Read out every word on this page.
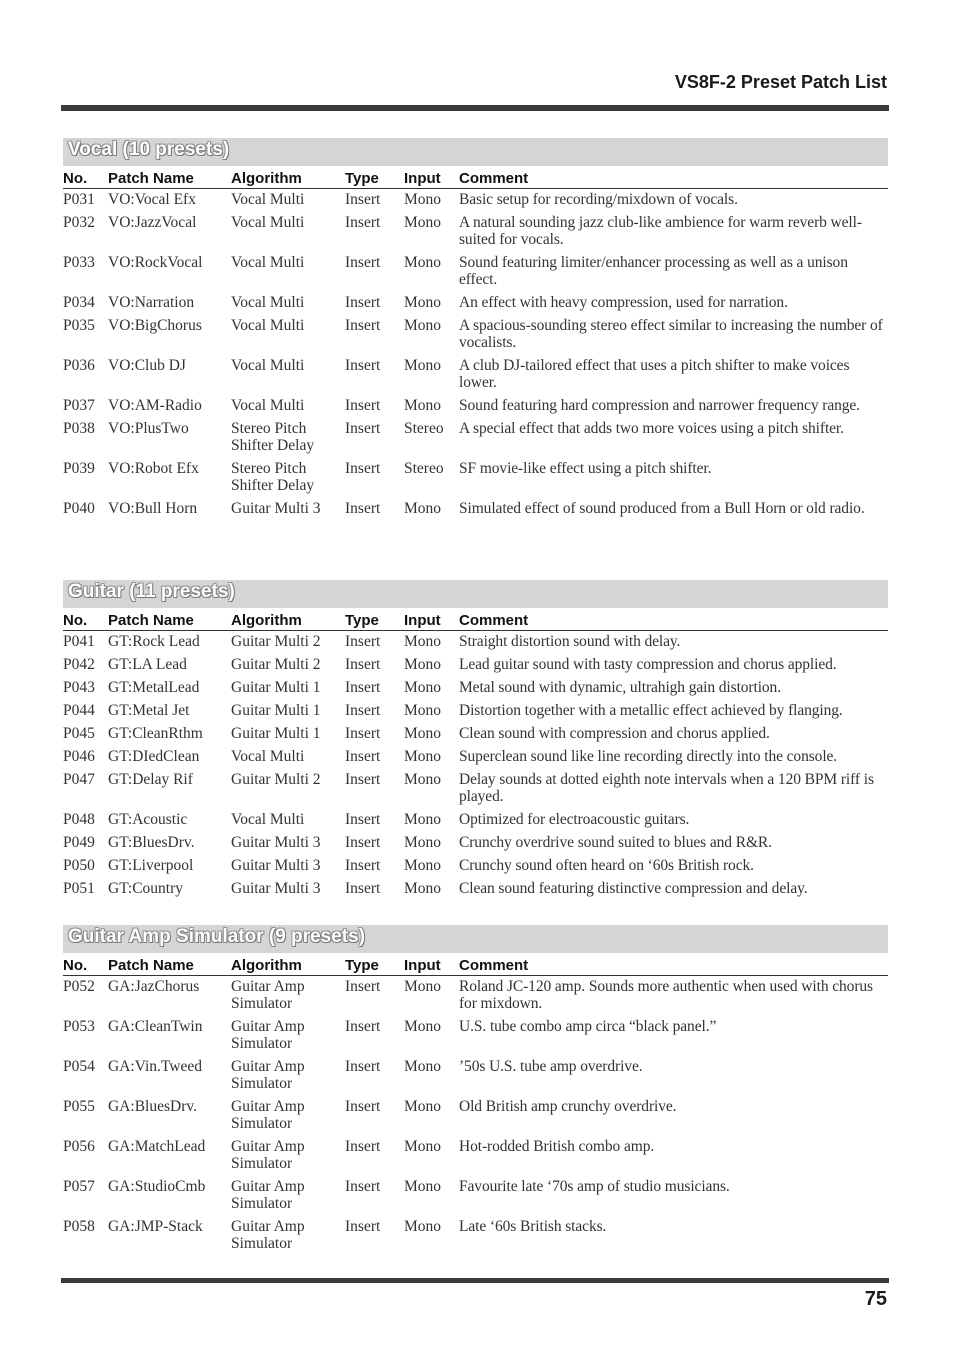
VS8F-2 Preset Patch List
Vocal (10 presets)
No.	Patch Name	Algorithm	Type	Input	Comment
P031	VO:Vocal Efx	Vocal Multi	Insert	Mono	Basic setup for recording/mixdown of vocals.
P032	VO:JazzVocal	Vocal Multi	Insert	Mono	A natural sounding jazz club-like ambience for warm reverb well-suited for vocals.
P033	VO:RockVocal	Vocal Multi	Insert	Mono	Sound featuring limiter/enhancer processing as well as a unison effect.
P034	VO:Narration	Vocal Multi	Insert	Mono	An effect with heavy compression, used for narration.
P035	VO:BigChorus	Vocal Multi	Insert	Mono	A spacious-sounding stereo effect similar to increasing the number of vocalists.
P036	VO:Club DJ	Vocal Multi	Insert	Mono	A club DJ-tailored effect that uses a pitch shifter to make voices lower.
P037	VO:AM-Radio	Vocal Multi	Insert	Mono	Sound featuring hard compression and narrower frequency range.
P038	VO:PlusTwo	Stereo Pitch Shifter Delay	Insert	Stereo	A special effect that adds two more voices using a pitch shifter.
P039	VO:Robot Efx	Stereo Pitch Shifter Delay	Insert	Stereo	SF movie-like effect using a pitch shifter.
P040	VO:Bull Horn	Guitar Multi 3	Insert	Mono	Simulated effect of sound produced from a Bull Horn or old radio.
Guitar (11 presets)
No.	Patch Name	Algorithm	Type	Input	Comment
P041	GT:Rock Lead	Guitar Multi 2	Insert	Mono	Straight distortion sound with delay.
P042	GT:LA Lead	Guitar Multi 2	Insert	Mono	Lead guitar sound with tasty compression and chorus applied.
P043	GT:MetalLead	Guitar Multi 1	Insert	Mono	Metal sound with dynamic, ultrahigh gain distortion.
P044	GT:Metal Jet	Guitar Multi 1	Insert	Mono	Distortion together with a metallic effect achieved by flanging.
P045	GT:CleanRthm	Guitar Multi 1	Insert	Mono	Clean sound with compression and chorus applied.
P046	GT:DIedClean	Vocal Multi	Insert	Mono	Superclean sound like line recording directly into the console.
P047	GT:Delay Rif	Guitar Multi 2	Insert	Mono	Delay sounds at dotted eighth note intervals when a 120 BPM riff is played.
P048	GT:Acoustic	Vocal Multi	Insert	Mono	Optimized for electroacoustic guitars.
P049	GT:BluesDrv.	Guitar Multi 3	Insert	Mono	Crunchy overdrive sound suited to blues and R&R.
P050	GT:Liverpool	Guitar Multi 3	Insert	Mono	Crunchy sound often heard on ‘60s British rock.
P051	GT:Country	Guitar Multi 3	Insert	Mono	Clean sound featuring distinctive compression and delay.
Guitar Amp Simulator (9 presets)
No.	Patch Name	Algorithm	Type	Input	Comment
P052	GA:JazChorus	Guitar Amp Simulator	Insert	Mono	Roland JC-120 amp. Sounds more authentic when used with chorus for mixdown.
P053	GA:CleanTwin	Guitar Amp Simulator	Insert	Mono	U.S. tube combo amp circa “black panel.”
P054	GA:Vin.Tweed	Guitar Amp Simulator	Insert	Mono	’50s U.S. tube amp overdrive.
P055	GA:BluesDrv.	Guitar Amp Simulator	Insert	Mono	Old British amp crunchy overdrive.
P056	GA:MatchLead	Guitar Amp Simulator	Insert	Mono	Hot-rodded British combo amp.
P057	GA:StudioCmb	Guitar Amp Simulator	Insert	Mono	Favourite late ‘70s amp of studio musicians.
P058	GA:JMP-Stack	Guitar Amp Simulator	Insert	Mono	Late ‘60s British stacks.
75
